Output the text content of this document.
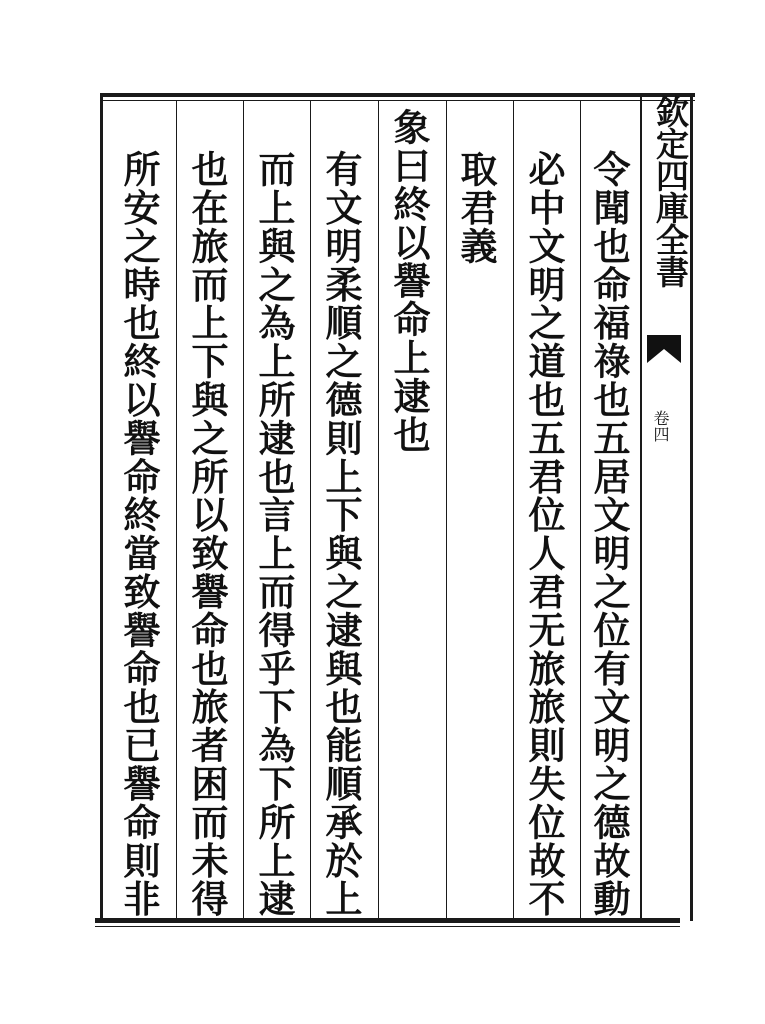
欽定四庫全書
卷四
令聞也命福祿也五居文明之位有文明之德故動
必中文明之道也五君位人君无旅旅則失位故不
取君義
象曰終以譽命上逮也
有文明柔順之德則上下與之逮與也能順承於上
而上與之為上所逮也言上而得乎下為下所上逮
也在旅而上下與之所以致譽命也旅者困而未得
所安之時也終以譽命終當致譽命也已譽命則非
